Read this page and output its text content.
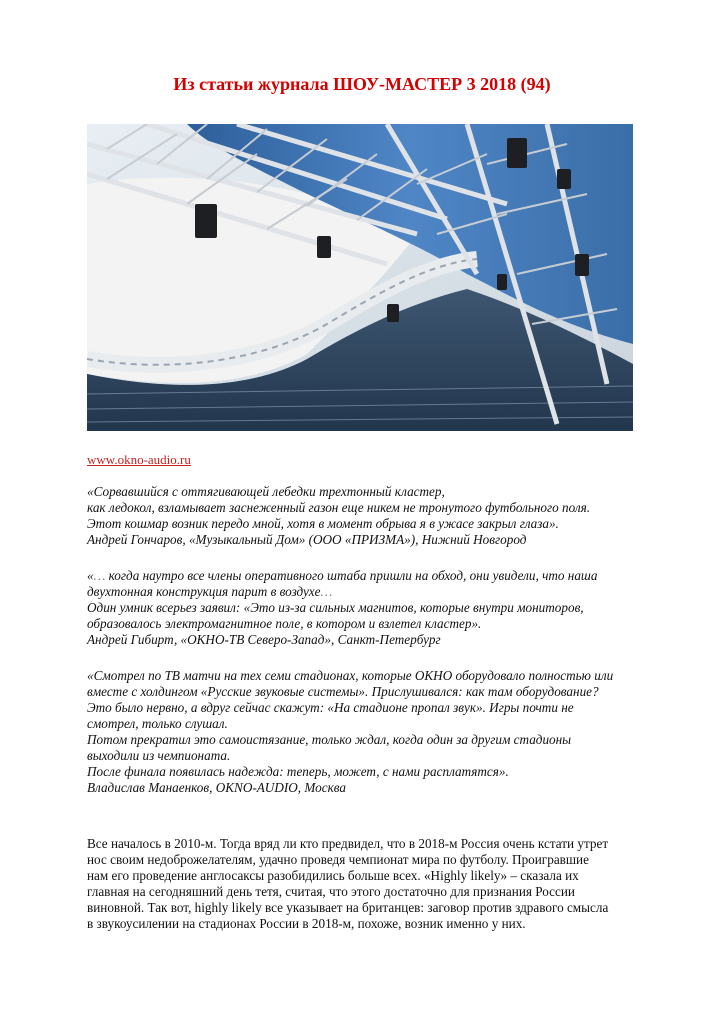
Из статьи журнала ШОУ-МАСТЕР 3 2018 (94)
www.okno-audio.ru

«Сорвавшийся с оттягивающей лебедки трехтонный кластер,
как ледокол, взламывает заснеженный газон еще никем не тронутого футбольного поля.
Этот кошмар возник передо мной, хотя в момент обрыва я в ужасе закрыл глаза».
Андрей Гончаров, «Музыкальный Дом» (ООО «ПРИЗМА»), Нижний Новгород

«… когда наутро все члены оперативного штаба пришли на обход, они увидели, что наша
двухтонная конструкция парит в воздухе…
Один умник всерьез заявил: «Это из-за сильных магнитов, которые внутри мониторов,
образовалось электромагнитное поле, в котором и взлетел кластер».
Андрей Гибирт, «ОКНО-ТВ Северо-Запад», Санкт-Петербург

«Смотрел по ТВ матчи на тех семи стадионах, которые ОКНО оборудовало полностью или
вместе с холдингом «Русские звуковые системы». Прислушивался: как там оборудование?
Это было нервно, а вдруг сейчас скажут: «На стадионе пропал звук». Игры почти не
смотрел, только слушал.
Потом прекратил это самоистязание, только ждал, когда один за другим стадионы
выходили из чемпионата.
После финала появилась надежда: теперь, может, с нами расплатятся».
Владислав Манаенков, OKNO-AUDIO, Москва

Все началось в 2010-м. Тогда вряд ли кто предвидел, что в 2018-м Россия очень кстати утрет
нос своим недоброжелателям, удачно проведя чемпионат мира по футболу. Проигравшие
нам его проведение англосаксы разобидились больше всех. «Highly likely» – сказала их
главная на сегодняшний день тетя, считая, что этого достаточно для признания России
виновной. Так вот, highly likely все указывает на британцев: заговор против здравого смысла
в звукоусилении на стадионах России в 2018-м, похоже, возник именно у них.
